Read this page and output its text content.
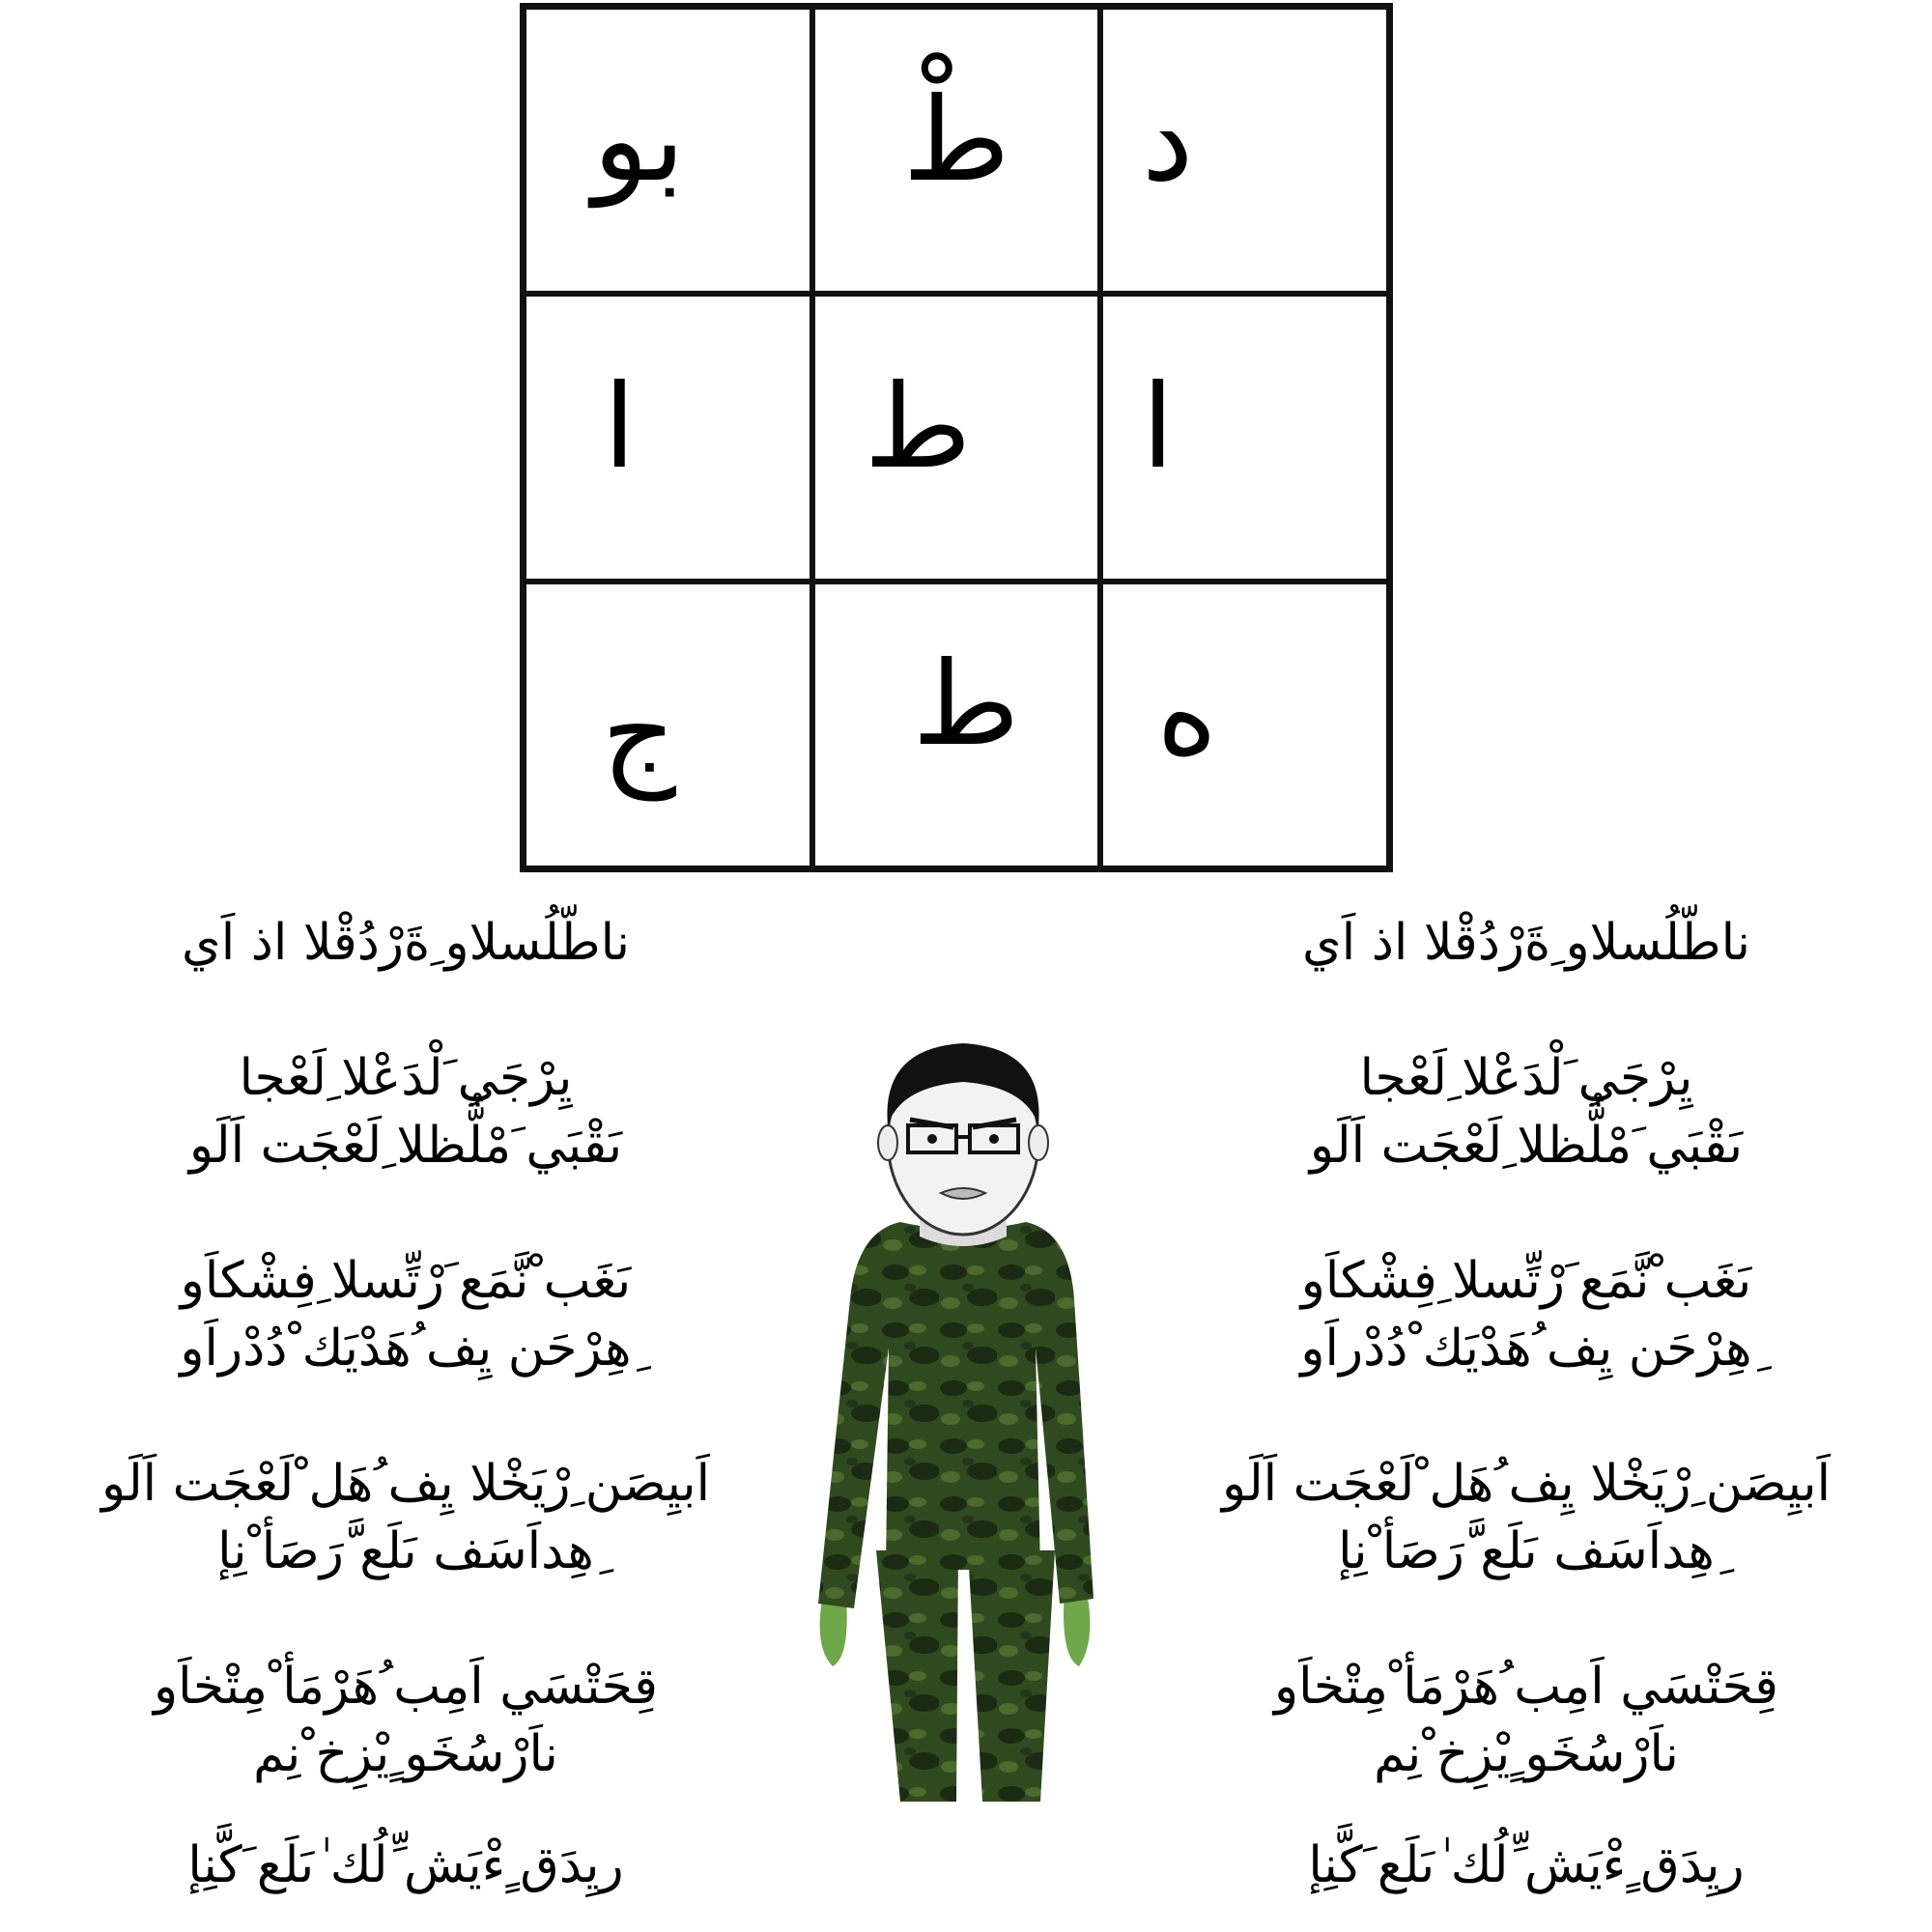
د
طْ
بو
ا
ط
ا
ه
ط
ج
ناطّلُسلاو ِةَرْدُقْلا اذ اَي
يِرْجَي َلْدَعْلا ِلَعْجا
ىَقْبَي َمْلُّظلا ِلَعْجَت اَلَو
ىَغَب ْنَّمَع َرْتِّسلا ِفِشْكاَو
ِهِرْحَن يِف ُهَدْيَك ْدُدْراَو
اَبيِصَن ِرْيَخْلا يِف ُهَل ْلَعْجَت اَلَو
ِهِداَسَف ىَلَع َّرَصَأ ْنِإ
قِحَتْسَي اَمِب ُهَرْمَأ ْمِتْخاَو
ناَرْسُخَو ٍيْزِخ ْنِم
ريِدَق ٍءْيَش ِّلُك ٰىَلَع َكَّنِإ
ناطّلُسلاو ِةَرْدُقْلا اذ اَي
يِرْجَي َلْدَعْلا ِلَعْجا
ىَقْبَي َمْلُّظلا ِلَعْجَت اَلَو
ىَغَب ْنَّمَع َرْتِّسلا ِفِشْكاَو
ِهِرْحَن يِف ُهَدْيَك ْدُدْراَو
اَبيِصَن ِرْيَخْلا يِف ُهَل ْلَعْجَت اَلَو
ِهِداَسَف ىَلَع َّرَصَأ ْنِإ
قِحَتْسَي اَمِب ُهَرْمَأ ْمِتْخاَو
ناَرْسُخَو ٍيْزِخ ْنِم
ريِدَق ٍءْيَش ِّلُك ٰىَلَع َكَّنِإ
